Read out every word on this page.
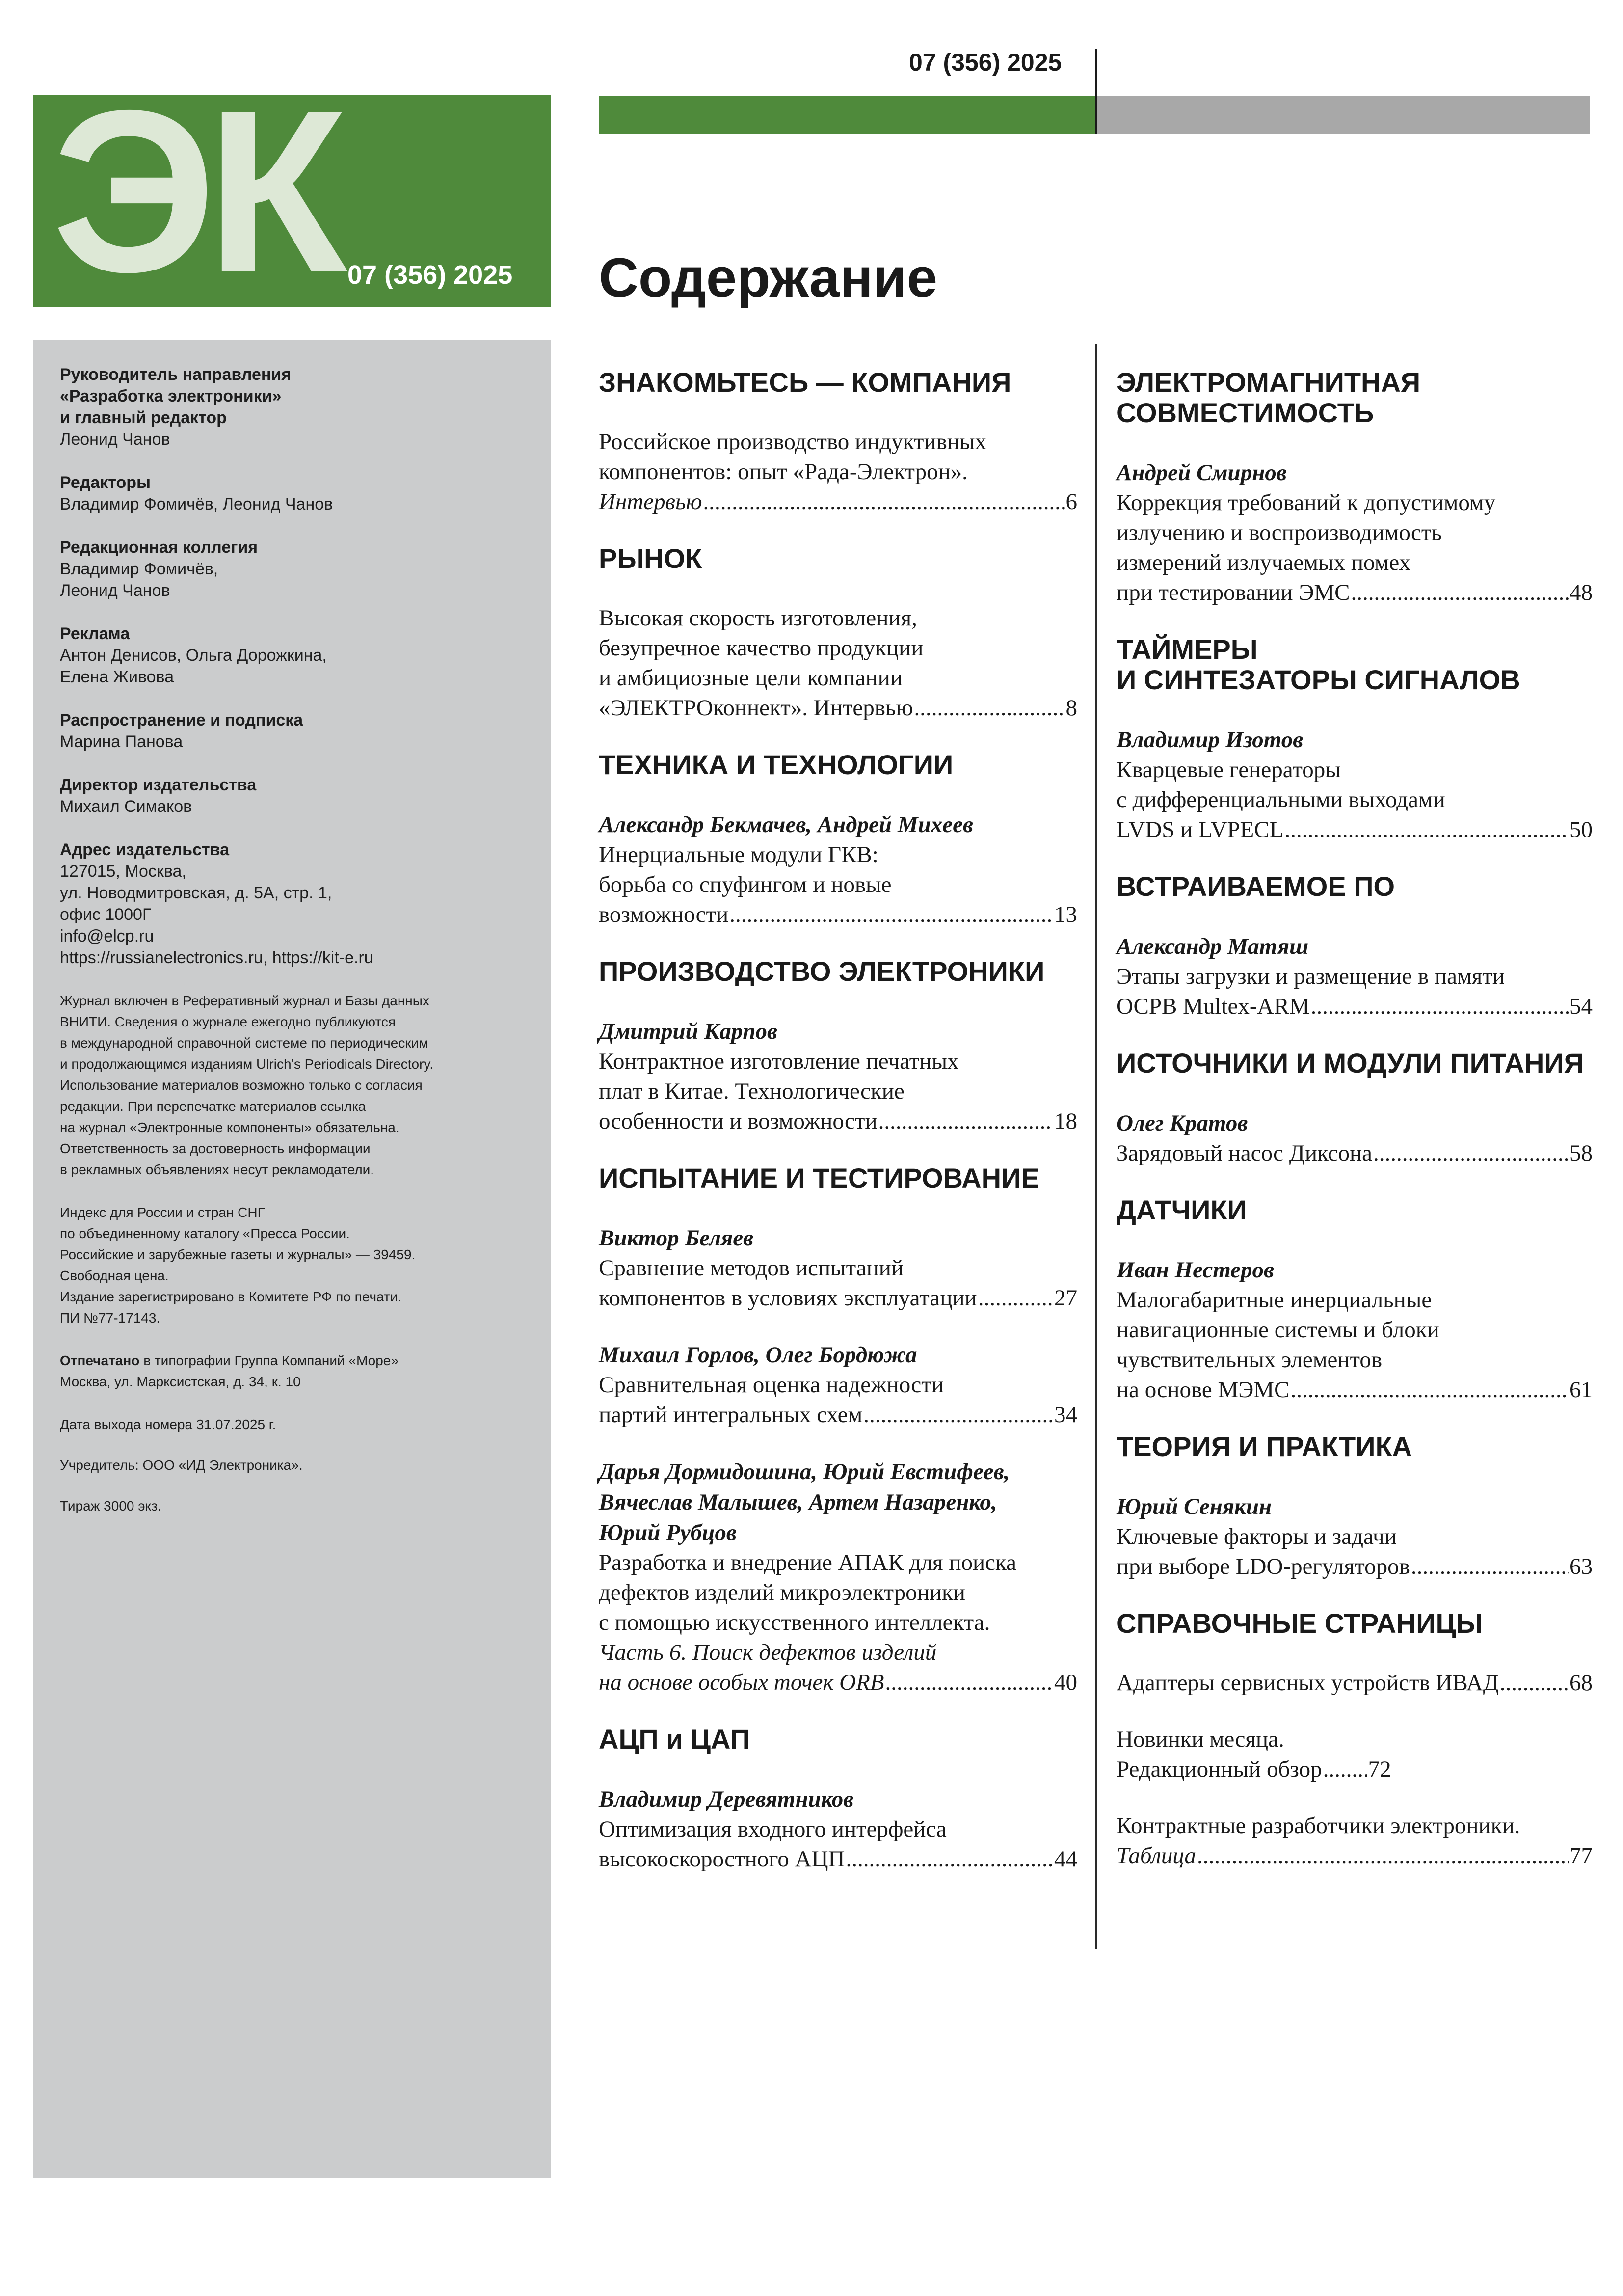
ЭК 07 (356) 2025

Руководитель направления

«Разработка электроники»

и главный редактор

Леонид Чанов

Редакторы

Владимир Фомичёв, Леонид Чанов

Редакционная коллегия

Владимир Фомичёв,

Леонид Чанов

Реклама

Антон Денисов, Ольга Дорожкина,

Елена Живова

Распространение и подписка

Марина Панова

Директор издательства

Михаил Симаков

Адрес издательства

127015, Москва,

ул. Новодмитровская, д. 5А, стр. 1,

офис 1000Г

info@elcp.ru

https://russianelectronics.ru, https://kit-e.ru

Журнал включен в Реферативный журнал и Базы данных

ВНИТИ. Сведения о журнале ежегодно публикуются

в международной справочной системе по периодическим

и продолжающимся изданиям Ulrich's Periodicals Directory.

Использование материалов возможно только с согласия

редакции. При перепечатке материалов ссылка

на журнал «Электронные компоненты» обязательна.

Ответственность за достоверность информации

в рекламных объявлениях несут рекламодатели.

Индекс для России и стран СНГ

по объединенному каталогу «Пресса России.

Российские и зарубежные газеты и журналы» — 39459.

Свободная цена.

Издание зарегистрировано в Комитете РФ по печати.

ПИ №77-17143.

Отпечатано в типографии Группа Компаний «Море»

Москва, ул. Марксистская, д. 34, к. 10

Дата выхода номера 31.07.2025 г.

Учредитель: ООО «ИД Электроника».

Тираж 3000 экз.

07 (356) 2025
Содержание

ЗНАКОМЬТЕСЬ — КОМПАНИЯ

Российское производство индуктивных

компонентов: опыт «Рада-Электрон».

Интервью .....	6

РЫНОК

Высокая скорость изготовления,

безупречное качество продукции

и амбициозные цели компании

«ЭЛЕКТРОконнект». Интервью .....	8

ТЕХНИКА И ТЕХНОЛОГИИ

Александр Бекмачев, Андрей Михеев

Инерциальные модули ГКВ:

борьба со спуфингом и новые

возможности .....	13

ПРОИЗВОДСТВО ЭЛЕКТРОНИКИ

Дмитрий Карпов

Контрактное изготовление печатных

плат в Китае. Технологические

особенности и возможности .....	18

ИСПЫТАНИЕ И ТЕСТИРОВАНИЕ

Виктор Беляев

Сравнение методов испытаний

компонентов в условиях эксплуатации .....	27

Михаил Горлов, Олег Бордюжа

Сравнительная оценка надежности

партий интегральных схем .....	34

Дарья Дормидошина, Юрий Евстифеев,

Вячеслав Малышев, Артем Назаренко,

Юрий Рубцов

Разработка и внедрение АПАК для поиска

дефектов изделий микроэлектроники

с помощью искусственного интеллекта.

Часть 6. Поиск дефектов изделий

на основе особых точек ORB .....	40

АЦП и ЦАП

Владимир Деревятников

Оптимизация входного интерфейса

высокоскоростного АЦП .....	44

ЭЛЕКТРОМАГНИТНАЯ

СОВМЕСТИМОСТЬ

Андрей Смирнов

Коррекция требований к допустимому

излучению и воспроизводимость

измерений излучаемых помех

при тестировании ЭМС .....	48

ТАЙМЕРЫ

И СИНТЕЗАТОРЫ СИГНАЛОВ

Владимир Изотов

Кварцевые генераторы

с дифференциальными выходами

LVDS и LVPECL .....	50

ВСТРАИВАЕМОЕ ПО

Александр Матяш

Этапы загрузки и размещение в памяти

ОСРВ Multex-ARM .....	54

ИСТОЧНИКИ И МОДУЛИ ПИТАНИЯ

Олег Кратов

Зарядовый насос Диксона .....	58

ДАТЧИКИ

Иван Нестеров

Малогабаритные инерциальные

навигационные системы и блоки

чувствительных элементов

на основе МЭМС .....	61

ТЕОРИЯ И ПРАКТИКА

Юрий Сенякин

Ключевые факторы и задачи

при выборе LDO-регуляторов .....	63

СПРАВОЧНЫЕ СТРАНИЦЫ

Адаптеры сервисных устройств ИВАД .....	68

Новинки месяца.

Редакционный обзор ..... 72

Контрактные разработчики электроники.

Таблица .....	77
